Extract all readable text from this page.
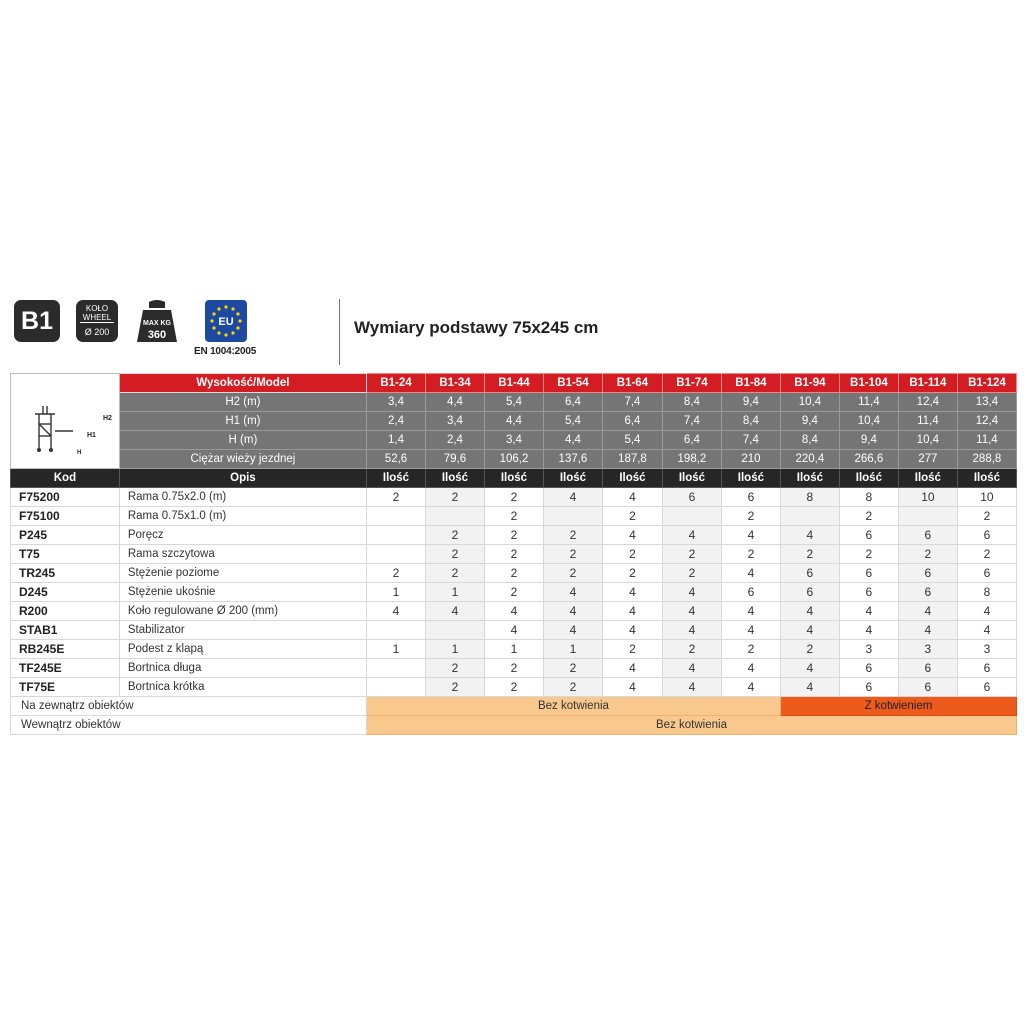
B1	KOŁO WHEEL
Ø 200
MAX KG
360
EU
EN 1004:2005
Wymiary podstawy 75x245 cm
H2
H1
H	Wysokość/Model	B1-24	B1-34	B1-44	B1-54	B1-64	B1-74	B1-84	B1-94	B1-104	B1-114	B1-124
	H2 (m)	3,4	4,4	5,4	6,4	7,4	8,4	9,4	10,4	11,4	12,4	13,4
	H1 (m)	2,4	3,4	4,4	5,4	6,4	7,4	8,4	9,4	10,4	11,4	12,4
	H (m)	1,4	2,4	3,4	4,4	5,4	6,4	7,4	8,4	9,4	10,4	11,4
	Ciężar wieży jezdnej	52,6	79,6	106,2	137,6	187,8	198,2	210	220,4	266,6	277	288,8
Kod	Opis	Ilość	Ilość	Ilość	Ilość	Ilość	Ilość	Ilość	Ilość	Ilość	Ilość	Ilość
F75200	Rama 0.75x2.0 (m)	2	2	2	4	4	6	6	8	8	10	10
F75100	Rama 0.75x1.0 (m)			2		2		2		2		2
P245	Poręcz		2	2	2	4	4	4	4	6	6	6
T75	Rama szczytowa		2	2	2	2	2	2	2	2	2	2
TR245	Stężenie poziome	2	2	2	2	2	2	4	6	6	6	6
D245	Stężenie ukośnie	1	1	2	4	4	4	6	6	6	6	8
R200	Koło regulowane Ø 200 (mm)	4	4	4	4	4	4	4	4	4	4	4
STAB1	Stabilizator			4	4	4	4	4	4	4	4	4
RB245E	Podest z klapą	1	1	1	1	2	2	2	2	3	3	3
TF245E	Bortnica długa		2	2	2	4	4	4	4	6	6	6
TF75E	Bortnica krótka		2	2	2	4	4	4	4	6	6	6
Na zewnątrz obiektów		Bez kotwienia							Z kotwieniem			
Wewnątrz obiektów		Bez kotwienia										
